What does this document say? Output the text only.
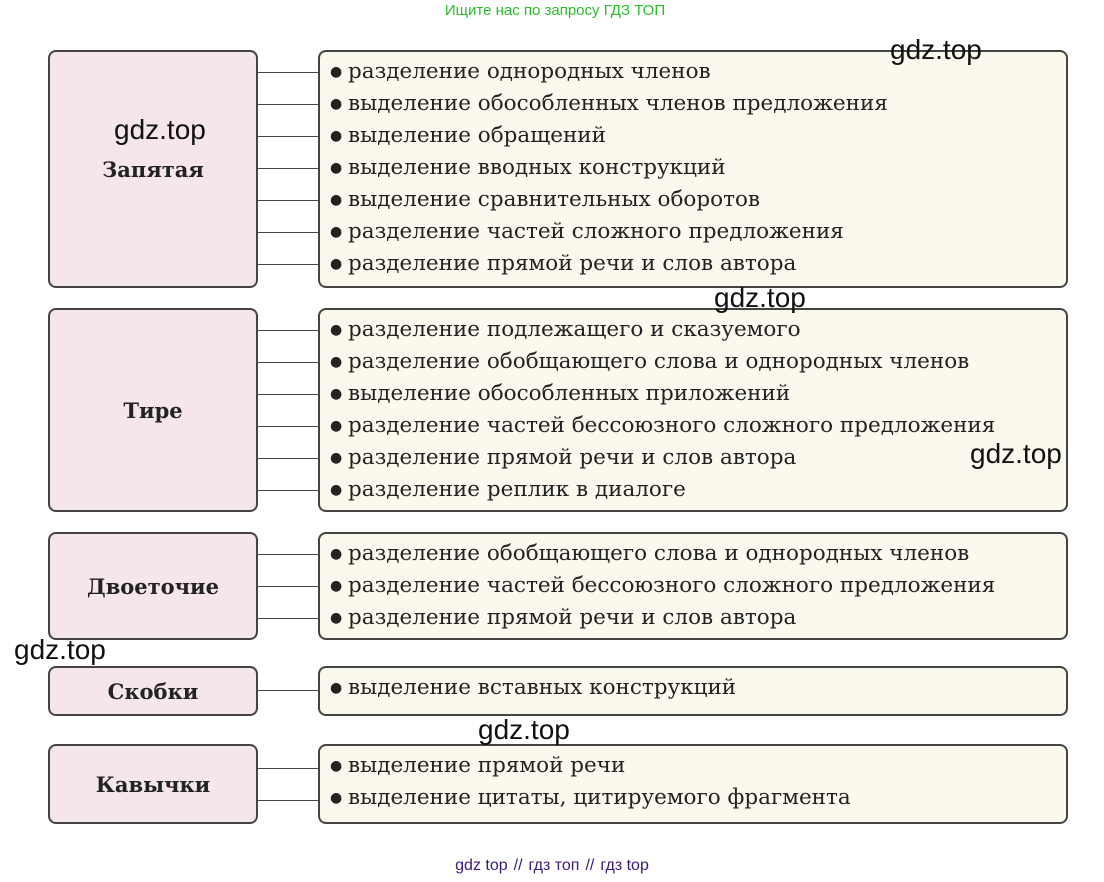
Ищите нас по запросу ГДЗ ТОП
Запятая
● разделение однородных членов
● выделение обособленных членов предложения
● выделение обращений
● выделение вводных конструкций
● выделение сравнительных оборотов
● разделение частей сложного предложения
● разделение прямой речи и слов автора
Тире
● разделение подлежащего и сказуемого
● разделение обобщающего слова и однородных членов
● выделение обособленных приложений
● разделение частей бессоюзного сложного предложения
● разделение прямой речи и слов автора
● разделение реплик в диалоге
Двоеточие
● разделение обобщающего слова и однородных членов
● разделение частей бессоюзного сложного предложения
● разделение прямой речи и слов автора
Скобки	● выделение вставных конструкций
Кавычки
● выделение прямой речи
● выделение цитаты, цитируемого фрагмента
gdz.top
gdz.top
gdz.top
gdz.top
gdz.top
gdz.top
gdz top // гдз топ // гдз top
